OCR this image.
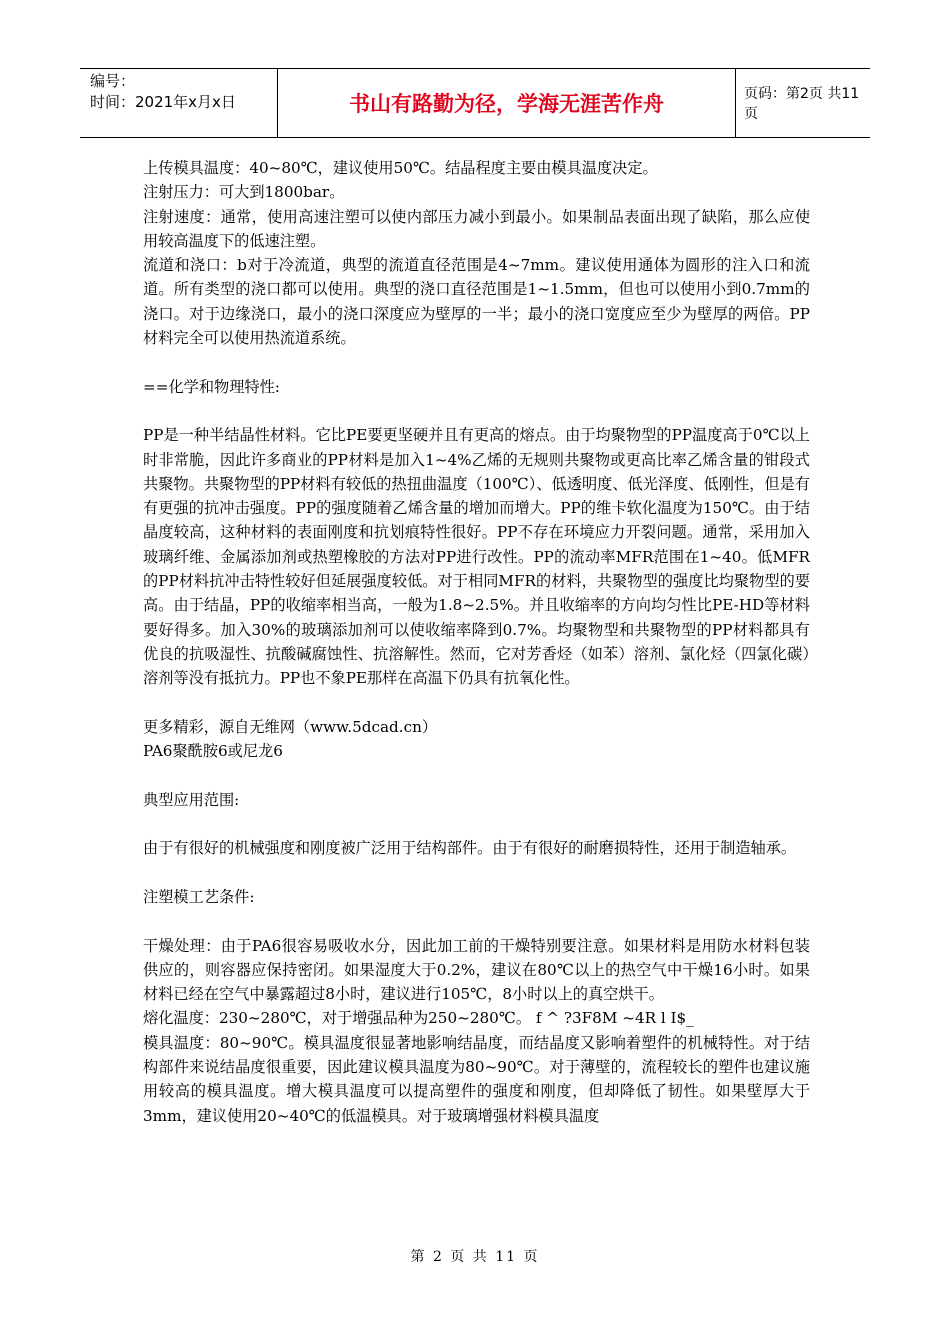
编号：
时间：2021年x月x日	书山有路勤为径，学海无涯苦作舟	页码：第2页 共11页

上传模具温度：40~80℃，建议使用50℃。结晶程度主要由模具温度决定。

注射压力：可大到1800bar。

注射速度：通常，使用高速注塑可以使内部压力减小到最小。如果制品表面出现了缺陷，那么应使用较高温度下的低速注塑。

流道和浇口：b对于冷流道，典型的流道直径范围是4~7mm。建议使用通体为圆形的注入口和流道。所有类型的浇口都可以使用。典型的浇口直径范围是1~1.5mm，但也可以使用小到0.7mm的浇口。对于边缘浇口，最小的浇口深度应为壁厚的一半；最小的浇口宽度应至少为壁厚的两倍。PP材料完全可以使用热流道系统。

==化学和物理特性:

PP是一种半结晶性材料。它比PE要更坚硬并且有更高的熔点。由于均聚物型的PP温度高于0℃以上时非常脆，因此许多商业的PP材料是加入1~4%乙烯的无规则共聚物或更高比率乙烯含量的钳段式共聚物。共聚物型的PP材料有较低的热扭曲温度（100℃）、低透明度、低光泽度、低刚性，但是有有更强的抗冲击强度。PP的强度随着乙烯含量的增加而增大。PP的维卡软化温度为150℃。由于结晶度较高，这种材料的表面刚度和抗划痕特性很好。PP不存在环境应力开裂问题。通常，采用加入玻璃纤维、金属添加剂或热塑橡胶的方法对PP进行改性。PP的流动率MFR范围在1~40。低MFR的PP材料抗冲击特性较好但延展强度较低。对于相同MFR的材料，共聚物型的强度比均聚物型的要高。由于结晶，PP的收缩率相当高，一般为1.8~2.5%。并且收缩率的方向均匀性比PE-HD等材料要好得多。加入30%的玻璃添加剂可以使收缩率降到0.7%。均聚物型和共聚物型的PP材料都具有优良的抗吸湿性、抗酸碱腐蚀性、抗溶解性。然而，它对芳香烃（如苯）溶剂、氯化烃（四氯化碳）溶剂等没有抵抗力。PP也不象PE那样在高温下仍具有抗氧化性。

更多精彩，源自无维网（www.5dcad.cn）

PA6聚酰胺6或尼龙6

典型应用范围:

由于有很好的机械强度和刚度被广泛用于结构部件。由于有很好的耐磨损特性，还用于制造轴承。

注塑模工艺条件:

干燥处理：由于PA6很容易吸收水分，因此加工前的干燥特别要注意。如果材料是用防水材料包装供应的，则容器应保持密闭。如果湿度大于0.2%，建议在80℃以上的热空气中干燥16小时。如果材料已经在空气中暴露超过8小时，建议进行105℃，8小时以上的真空烘干。

熔化温度：230~280℃，对于增强品种为250~280℃。 f ^ ?3F8M ~4R l I$_

模具温度：80~90℃。模具温度很显著地影响结晶度，而结晶度又影响着塑件的机械特性。对于结构部件来说结晶度很重要，因此建议模具温度为80~90℃。对于薄壁的，流程较长的塑件也建议施用较高的模具温度。增大模具温度可以提高塑件的强度和刚度，但却降低了韧性。如果壁厚大于3mm，建议使用20~40℃的低温模具。对于玻璃增强材料模具温度

第 2 页 共 11 页
